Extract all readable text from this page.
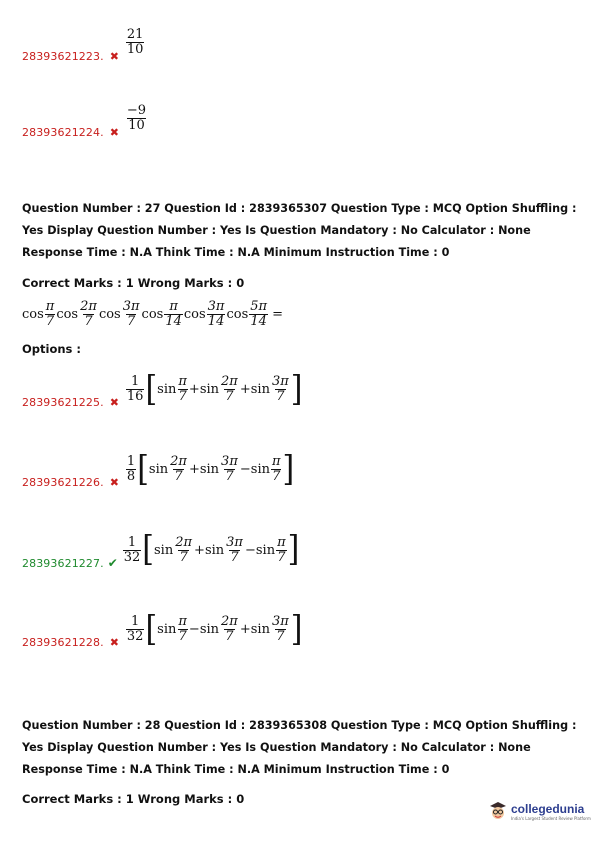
28393621223. ✖ $\frac{21}{10}$
28393621224. ✖ $\frac{-9}{10}$
Question Number : 27 Question Id : 2839365307 Question Type : MCQ Option Shuffling : Yes Display Question Number : Yes Is Question Mandatory : No Calculator : None Response Time : N.A Think Time : N.A Minimum Instruction Time : 0
Correct Marks : 1 Wrong Marks : 0
$\cos \frac{\pi}{7}$ $\cos \frac{2\pi}{7}$ $\cos \frac{3\pi}{7}$ $\cos \frac{\pi}{14}$ $\cos \frac{3\pi}{14}$ $\cos \frac{5\pi}{14}$ =
Options :
28393621225. ✖ $\frac{1}{16}$ [ $\sin \frac{\pi}{7} + \sin \frac{2\pi}{7} + \sin \frac{3\pi}{7}$ ]
28393621226. ✖ $\frac{1}{8}$ [ $\sin \frac{2\pi}{7} + \sin \frac{3\pi}{7} - \sin \frac{\pi}{7}$ ]
28393621227. ✔ $\frac{1}{32}$ [ $\sin \frac{2\pi}{7} + \sin \frac{3\pi}{7} - \sin \frac{\pi}{7}$ ]
28393621228. ✖ $\frac{1}{32}$ [ $\sin \frac{\pi}{7} - \sin \frac{2\pi}{7} + \sin \frac{3\pi}{7}$ ]
Question Number : 28 Question Id : 2839365308 Question Type : MCQ Option Shuffling : Yes Display Question Number : Yes Is Question Mandatory : No Calculator : None Response Time : N.A Think Time : N.A Minimum Instruction Time : 0
Correct Marks : 1 Wrong Marks : 0
collegedunia
India's Largest Student Review Platform
